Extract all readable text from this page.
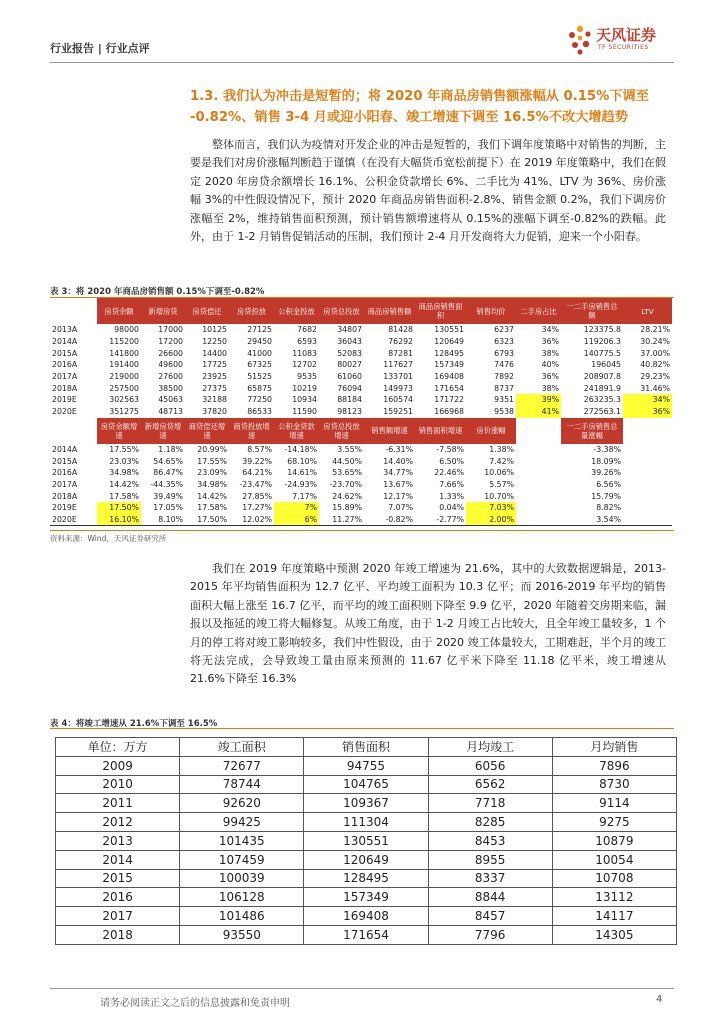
行业报告 | 行业点评
天风证券
TF SECURITIES
1.3. 我们认为冲击是短暂的；将 2020 年商品房销售额涨幅从 0.15%下调至 -0.82%、销售 3-4 月或迎小阳春、竣工增速下调至 16.5%不改大增趋势
整体而言，我们认为疫情对开发企业的冲击是短暂的，我们下调年度策略中对销售的判断，主要是我们对房价涨幅判断趋于谨慎（在没有大幅货币宽松前提下）在 2019 年度策略中，我们在假定 2020 年房贷余额增长 16.1%、公积金贷款增长 6%、二手比为 41%、LTV 为 36%、房价涨幅 3%的中性假设情况下，预计 2020 年商品房销售面积-2.8%、销售金额 0.2%，我们下调房价涨幅至 2%，维持销售面积预测，预计销售额增速将从 0.15%的涨幅下调至-0.82%的跌幅。此外，由于 1-2 月销售促销活动的压制，我们预计 2-4 月开发商将大力促销，迎来一个小阳春。
表 3：将 2020 年商品房销售额 0.15%下调至-0.82%
	房贷余额	新增房贷	房贷偿还	房贷投放	公积金投放	房贷总投放	商品房销售额	商品房销售面积	销售均价	二手房占比	一二手房销售总额	LTV
2013A	98000	17000	10125	27125	7682	34807	81428	130551	6237	34%	123375.8	28.21%
2014A	115200	17200	12250	29450	6593	36043	76292	120649	6323	36%	119206.3	30.24%
2015A	141800	26600	14400	41000	11083	52083	87281	128495	6793	38%	140775.5	37.00%
2016A	191400	49600	17725	67325	12702	80027	117627	157349	7476	40%	196045	40.82%
2017A	219000	27600	23925	51525	9535	61060	133701	169408	7892	36%	208907.8	29.23%
2018A	257500	38500	27375	65875	10219	76094	149973	171654	8737	38%	241891.9	31.46%
2019E	302563	45063	32188	77250	10934	88184	160574	171722	9351	39%	263235.3	34%
2020E	351275	48713	37820	86533	11590	98123	159251	166968	9538	41%	272563.1	36%
	房贷余额增速	新增房贷增速	商贷偿还增速	商贷投放增速	公积金贷款增速	房贷总投放增速	销售额增速	销售面积增速	房价涨幅		一二手房销售总量涨幅	
2014A	17.55%	1.18%	20.99%	8.57%	-14.18%	3.55%	-6.31%	-7.58%	1.38%		-3.38%	
2015A	23.03%	54.65%	17.55%	39.22%	68.10%	44.50%	14.40%	6.50%	7.42%		18.09%	
2016A	34.98%	86.47%	23.09%	64.21%	14.61%	53.65%	34.77%	22.46%	10.06%		39.26%	
2017A	14.42%	-44.35%	34.98%	-23.47%	-24.93%	-23.70%	13.67%	7.66%	5.57%		6.56%	
2018A	17.58%	39.49%	14.42%	27.85%	7.17%	24.62%	12.17%	1.33%	10.70%		15.79%	
2019E	17.50%	17.05%	17.58%	17.27%	7%	15.89%	7.07%	0.04%	7.03%		8.82%	
2020E	16.10%	8.10%	17.50%	12.02%	6%	11.27%	-0.82%	-2.77%	2.00%		3.54%	
资料来源：Wind，天风证券研究所
我们在 2019 年度策略中预测 2020 年竣工增速为 21.6%，其中的大致数据逻辑是，2013-2015 年平均销售面积为 12.7 亿平、平均竣工面积为 10.3 亿平；而 2016-2019 年平均的销售面积大幅上涨至 16.7 亿平，而平均的竣工面积则下降至 9.9 亿平，2020 年随着交房期来临，漏报以及拖延的竣工将大幅修复。从竣工角度，由于 1-2 月竣工占比较大，且全年竣工量较多，1 个月的停工将对竣工影响较多，我们中性假设，由于 2020 竣工体量较大，工期难赶，半个月的竣工将无法完成，会导致竣工量由原来预测的 11.67 亿平米下降至 11.18 亿平米，竣工增速从 21.6%下降至 16.3%
表 4：将竣工增速从 21.6%下调至 16.5%
单位：万方	竣工面积	销售面积	月均竣工	月均销售
2009	72677	94755	6056	7896
2010	78744	104765	6562	8730
2011	92620	109367	7718	9114
2012	99425	111304	8285	9275
2013	101435	130551	8453	10879
2014	107459	120649	8955	10054
2015	100039	128495	8337	10708
2016	106128	157349	8844	13112
2017	101486	169408	8457	14117
2018	93550	171654	7796	14305
请务必阅读正文之后的信息披露和免责申明	4
